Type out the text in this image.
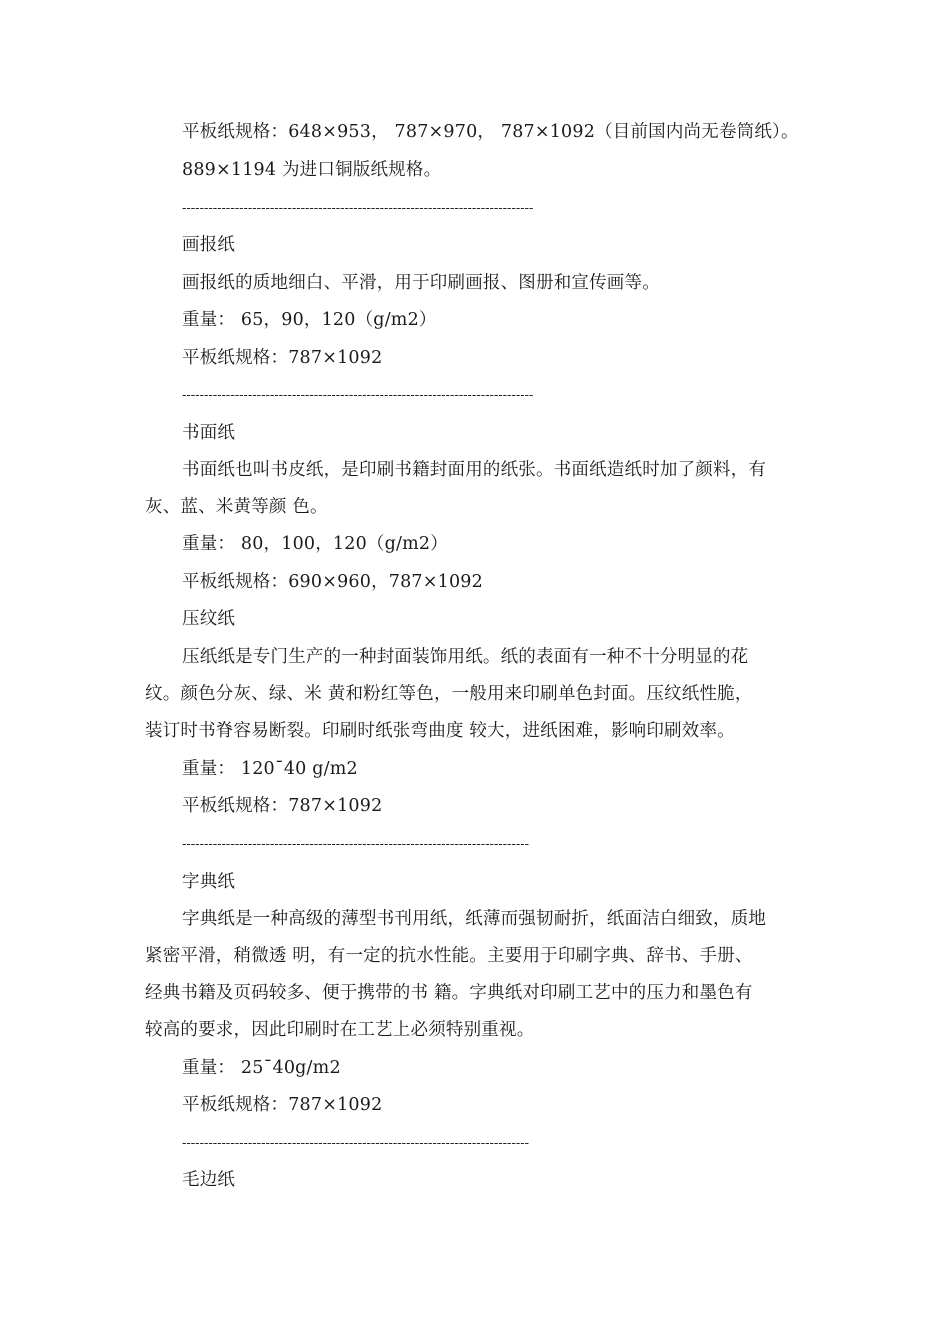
平板纸规格：648×953， 787×970， 787×1092（目前国内尚无卷筒纸）。
889×1194 为进口铜版纸规格。
--------------------------------------------------------------------------------
画报纸
画报纸的质地细白、平滑，用于印刷画报、图册和宣传画等。
重量： 65，90，120（g/m2）
平板纸规格：787×1092
--------------------------------------------------------------------------------
书面纸
书面纸也叫书皮纸，是印刷书籍封面用的纸张。书面纸造纸时加了颜料，有
灰、蓝、米黄等颜 色。
重量： 80，100，120（g/m2）
平板纸规格：690×960，787×1092
压纹纸
压纸纸是专门生产的一种封面装饰用纸。纸的表面有一种不十分明显的花
纹。颜色分灰、绿、米 黄和粉红等色，一般用来印刷单色封面。压纹纸性脆，
装订时书脊容易断裂。印刷时纸张弯曲度 较大，进纸困难，影响印刷效率。
重量： 120¯40 g/m2
平板纸规格：787×1092
-------------------------------------------------------------------------------
字典纸
字典纸是一种高级的薄型书刊用纸，纸薄而强韧耐折，纸面洁白细致，质地
紧密平滑，稍微透 明，有一定的抗水性能。主要用于印刷字典、辞书、手册、
经典书籍及页码较多、便于携带的书 籍。字典纸对印刷工艺中的压力和墨色有
较高的要求，因此印刷时在工艺上必须特别重视。
重量： 25¯40g/m2
平板纸规格：787×1092
-------------------------------------------------------------------------------
毛边纸
